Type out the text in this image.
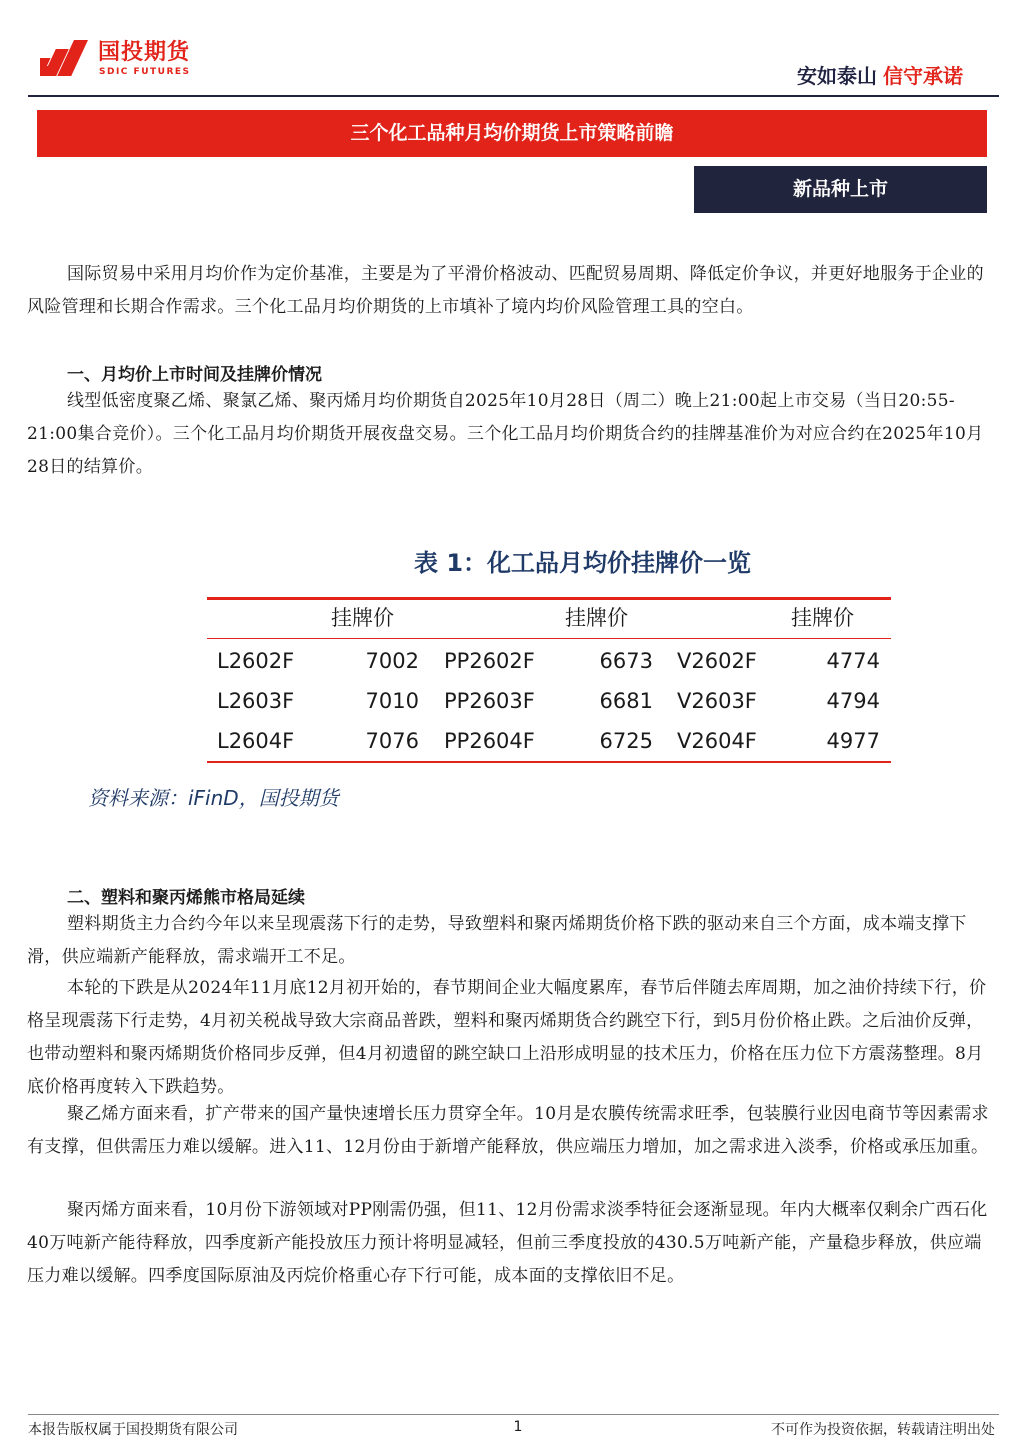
国投期货
SDIC FUTURES	安如泰山 信守承诺
三个化工品种月均价期货上市策略前瞻
新品种上市

国际贸易中采用月均价作为定价基准，主要是为了平滑价格波动、匹配贸易周期、降低定价争议，并更好地服务于企业的风险管理和长期合作需求。三个化工品月均价期货的上市填补了境内均价风险管理工具的空白。

一、月均价上市时间及挂牌价情况

线型低密度聚乙烯、聚氯乙烯、聚丙烯月均价期货自2025年10月28日（周二）晚上21:00起上市交易（当日20:55-21:00集合竞价）。三个化工品月均价期货开展夜盘交易。三个化工品月均价期货合约的挂牌基准价为对应合约在2025年10月28日的结算价。

表 1：化工品月均价挂牌价一览
挂牌价	挂牌价	挂牌价
L2602F	7002 PP2602F	6673 V2602F	4774
L2603F	7010 PP2603F	6681 V2603F	4794
L2604F	7076 PP2604F	6725 V2604F	4977
资料来源：iFinD，国投期货

二、塑料和聚丙烯熊市格局延续

塑料期货主力合约今年以来呈现震荡下行的走势，导致塑料和聚丙烯期货价格下跌的驱动来自三个方面，成本端支撑下滑，供应端新产能释放，需求端开工不足。

本轮的下跌是从2024年11月底12月初开始的，春节期间企业大幅度累库，春节后伴随去库周期，加之油价持续下行，价格呈现震荡下行走势，4月初关税战导致大宗商品普跌，塑料和聚丙烯期货合约跳空下行，到5月份价格止跌。之后油价反弹，也带动塑料和聚丙烯期货价格同步反弹，但4月初遗留的跳空缺口上沿形成明显的技术压力，价格在压力位下方震荡整理。8月底价格再度转入下跌趋势。

聚乙烯方面来看，扩产带来的国产量快速增长压力贯穿全年。10月是农膜传统需求旺季，包装膜行业因电商节等因素需求有支撑，但供需压力难以缓解。进入11、12月份由于新增产能释放，供应端压力增加，加之需求进入淡季，价格或承压加重。

聚丙烯方面来看，10月份下游领域对PP刚需仍强，但11、12月份需求淡季特征会逐渐显现。年内大概率仅剩余广西石化40万吨新产能待释放，四季度新产能投放压力预计将明显减轻，但前三季度投放的430.5万吨新产能，产量稳步释放，供应端压力难以缓解。四季度国际原油及丙烷价格重心存下行可能，成本面的支撑依旧不足。

本报告版权属于国投期货有限公司	1	不可作为投资依据，转载请注明出处
